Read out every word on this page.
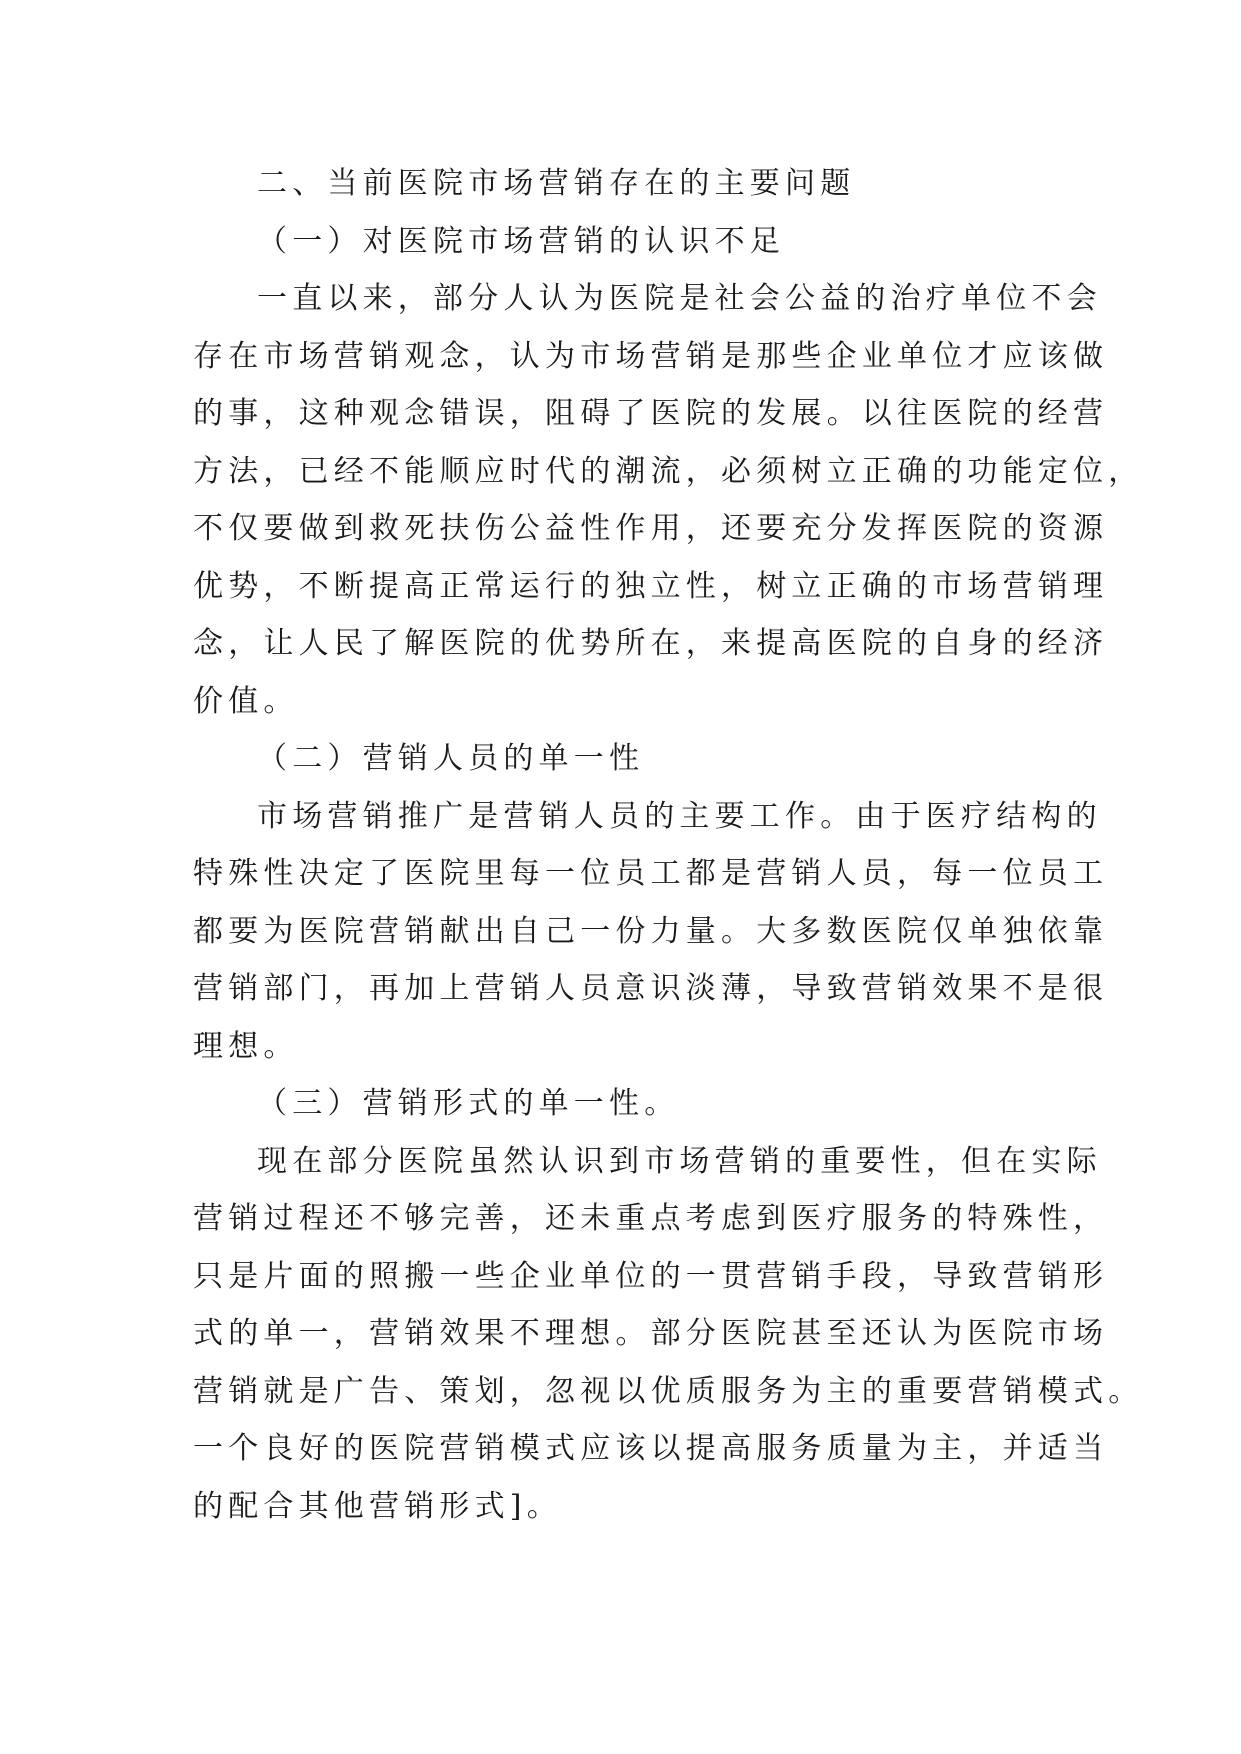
二、当前医院市场营销存在的主要问题
（一）对医院市场营销的认识不足
一直以来，部分人认为医院是社会公益的治疗单位不会
存在市场营销观念，认为市场营销是那些企业单位才应该做
的事，这种观念错误，阻碍了医院的发展。以往医院的经营
方法，已经不能顺应时代的潮流，必须树立正确的功能定位，
不仅要做到救死扶伤公益性作用，还要充分发挥医院的资源
优势，不断提高正常运行的独立性，树立正确的市场营销理
念，让人民了解医院的优势所在，来提高医院的自身的经济
价值。
（二）营销人员的单一性
市场营销推广是营销人员的主要工作。由于医疗结构的
特殊性决定了医院里每一位员工都是营销人员，每一位员工
都要为医院营销献出自己一份力量。大多数医院仅单独依靠
营销部门，再加上营销人员意识淡薄，导致营销效果不是很
理想。
（三）营销形式的单一性。
现在部分医院虽然认识到市场营销的重要性，但在实际
营销过程还不够完善，还未重点考虑到医疗服务的特殊性，
只是片面的照搬一些企业单位的一贯营销手段，导致营销形
式的单一，营销效果不理想。部分医院甚至还认为医院市场
营销就是广告、策划，忽视以优质服务为主的重要营销模式。
一个良好的医院营销模式应该以提高服务质量为主，并适当
的配合其他营销形式]。
